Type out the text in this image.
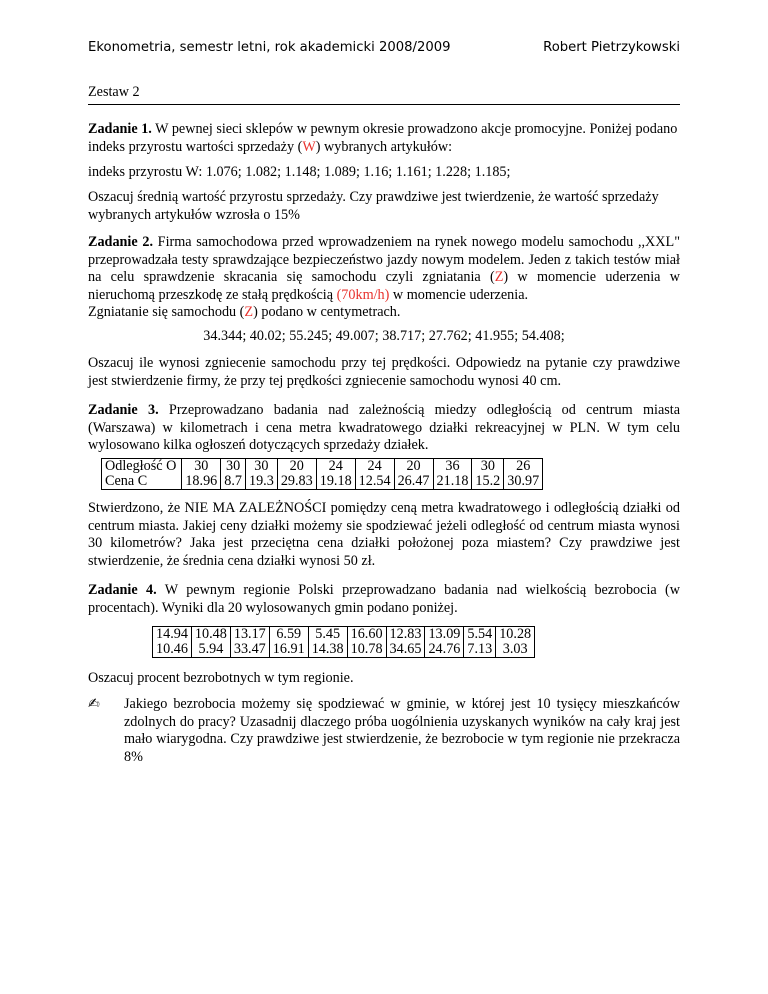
Ekonometria, semestr letni, rok akademicki 2008/2009	Robert Pietrzykowski
Zestaw 2

Zadanie 1. W pewnej sieci sklepów w pewnym okresie prowadzono akcje promocyjne. Poniżej podano indeks przyrostu wartości sprzedaży (W) wybranych artykułów:

indeks przyrostu W: 1.076; 1.082; 1.148; 1.089; 1.16; 1.161; 1.228; 1.185;

Oszacuj średnią wartość przyrostu sprzedaży. Czy prawdziwe jest twierdzenie, że wartość sprzedaży wybranych artykułów wzrosła o 15%

Zadanie 2. Firma samochodowa przed wprowadzeniem na rynek nowego modelu samochodu ,,XXL" przeprowadzała testy sprawdzające bezpieczeństwo jazdy nowym modelem. Jeden z takich testów miał na celu sprawdzenie skracania się samochodu czyli zgniatania (Z) w momencie uderzenia w nieruchomą przeszkodę ze stałą prędkością (70km/h) w momencie uderzenia.
Zgniatanie się samochodu (Z) podano w centymetrach.

34.344; 40.02; 55.245; 49.007; 38.717; 27.762; 41.955; 54.408;

Oszacuj ile wynosi zgniecenie samochodu przy tej prędkości. Odpowiedz na pytanie czy prawdziwe jest stwierdzenie firmy, że przy tej prędkości zgniecenie samochodu wynosi 40 cm.

Zadanie 3. Przeprowadzano badania nad zależnością miedzy odległością od centrum miasta (Warszawa) w kilometrach i cena metra kwadratowego działki rekreacyjnej w PLN. W tym celu wylosowano kilka ogłoszeń dotyczących sprzedaży działek.

Odległość O	30	30	30	20	24	24	20	36	30	26
Cena C	18.96	8.7	19.3	29.83	19.18	12.54	26.47	21.18	15.2	30.97

Stwierdzono, że NIE MA ZALEŻNOŚCI pomiędzy ceną metra kwadratowego i odległością działki od centrum miasta. Jakiej ceny działki możemy sie spodziewać jeżeli odległość od centrum miasta wynosi 30 kilometrów? Jaka jest przeciętna cena działki położonej poza miastem? Czy prawdziwe jest stwierdzenie, że średnia cena działki wynosi 50 zł.

Zadanie 4. W pewnym regionie Polski przeprowadzano badania nad wielkością bezrobocia (w procentach). Wyniki dla 20 wylosowanych gmin podano poniżej.

14.94	10.48	13.17	6.59	5.45	16.60	12.83	13.09	5.54	10.28
10.46	5.94	33.47	16.91	14.38	10.78	34.65	24.76	7.13	3.03

Oszacuj procent bezrobotnych w tym regionie.

✍ Jakiego bezrobocia możemy się spodziewać w gminie, w której jest 10 tysięcy mieszkańców zdolnych do pracy? Uzasadnij dlaczego próba uogólnienia uzyskanych wyników na cały kraj jest mało wiarygodna. Czy prawdziwe jest stwierdzenie, że bezrobocie w tym regionie nie przekracza 8%
